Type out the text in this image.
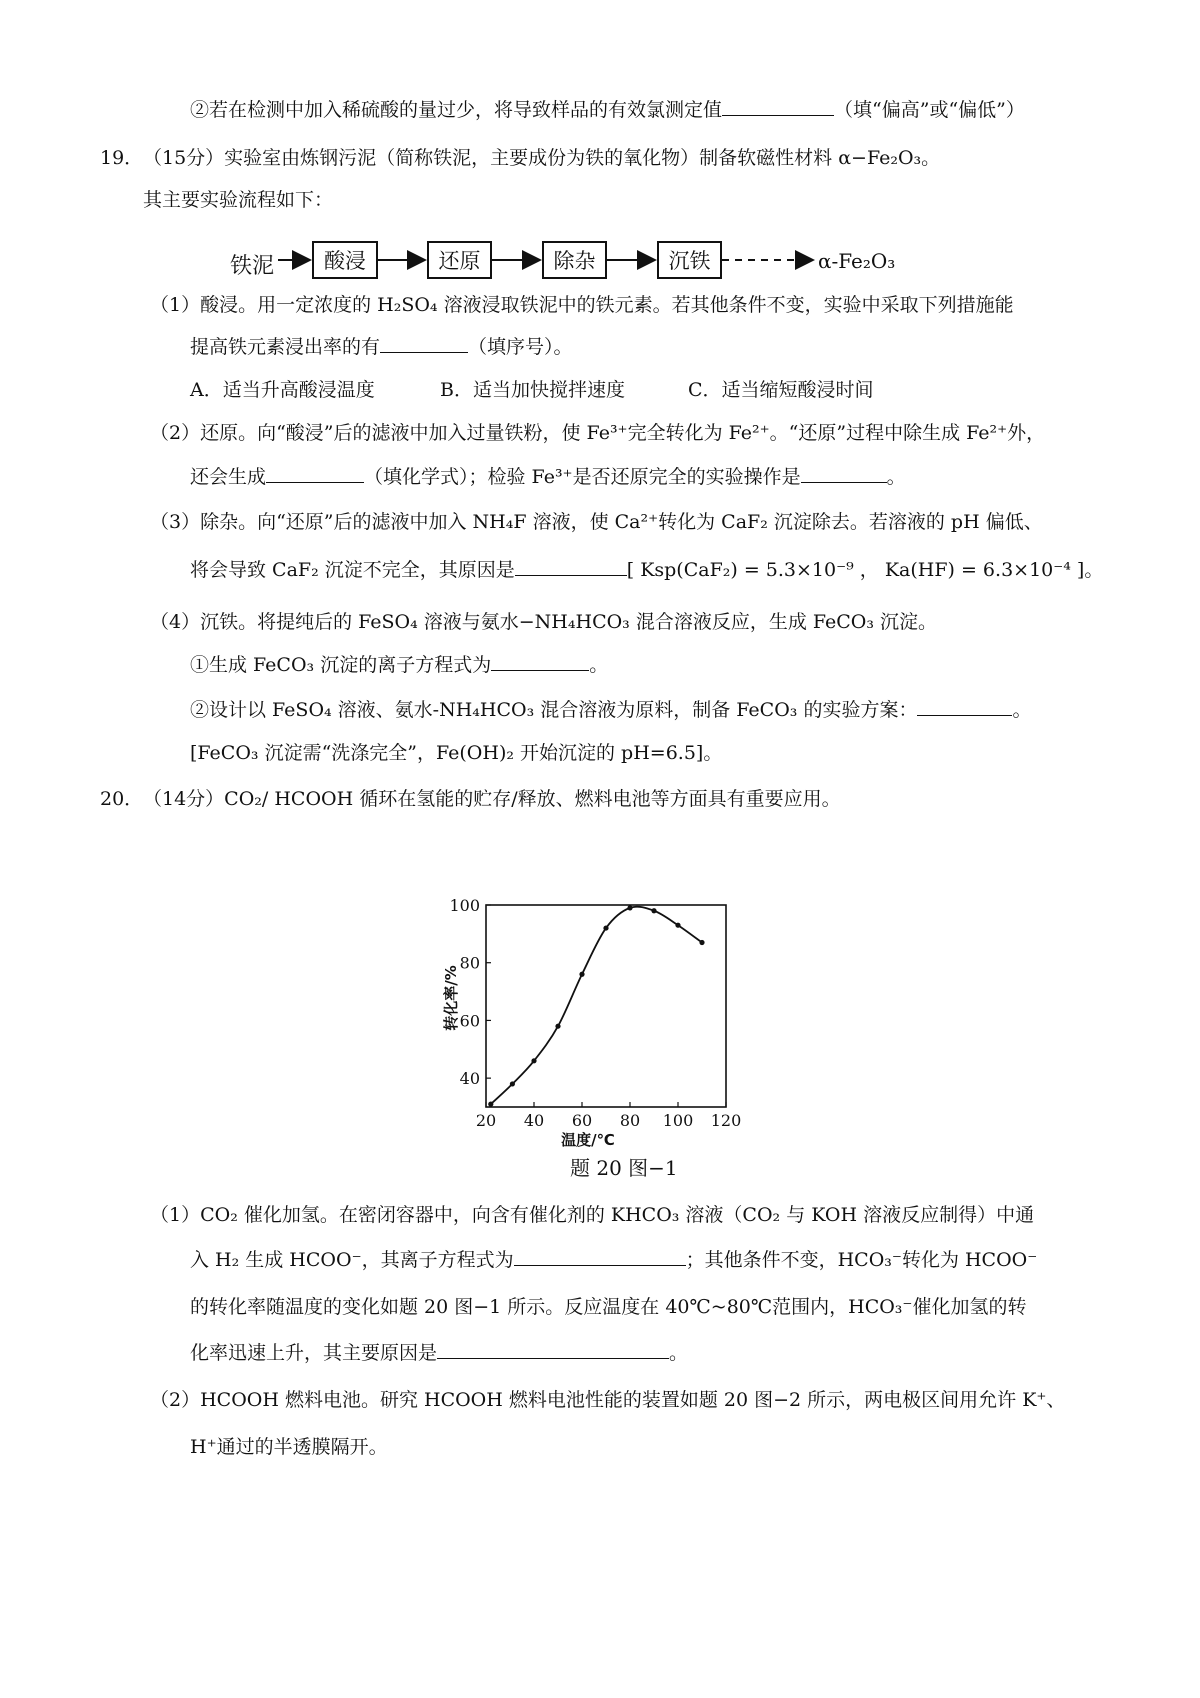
②若在检测中加入稀硫酸的量过少，将导致样品的有效氯测定值	（填“偏高”或“偏低”）
19． （15分）实验室由炼钢污泥（简称铁泥，主要成份为铁的氧化物）制备软磁性材料 α−Fe₂O₃。
其主要实验流程如下：
铁泥	酸浸	还原	除杂	沉铁	α-Fe₂O₃
（1）酸浸。用一定浓度的 H₂SO₄ 溶液浸取铁泥中的铁元素。若其他条件不变，实验中采取下列措施能
提高铁元素浸出率的有	（填序号）。
A．适当升高酸浸温度	B．适当加快搅拌速度	C．适当缩短酸浸时间
（2）还原。向“酸浸”后的滤液中加入过量铁粉，使 Fe³⁺完全转化为 Fe²⁺。“还原”过程中除生成 Fe²⁺外，
还会生成	（填化学式）；检验 Fe³⁺是否还原完全的实验操作是	。
（3）除杂。向“还原”后的滤液中加入 NH₄F 溶液，使 Ca²⁺转化为 CaF₂ 沉淀除去。若溶液的 pH 偏低、
将会导致 CaF₂ 沉淀不完全，其原因是	[ Ksp(CaF₂) = 5.3×10⁻⁹ ， Ka(HF) = 6.3×10⁻⁴ ]。
（4）沉铁。将提纯后的 FeSO₄ 溶液与氨水−NH₄HCO₃ 混合溶液反应，生成 FeCO₃ 沉淀。
①生成 FeCO₃ 沉淀的离子方程式为	。
②设计以 FeSO₄ 溶液、氨水-NH₄HCO₃ 混合溶液为原料，制备 FeCO₃ 的实验方案：	。
[FeCO₃ 沉淀需“洗涤完全”，Fe(OH)₂ 开始沉淀的 pH=6.5]。
20． （14分）CO₂/ HCOOH 循环在氢能的贮存/释放、燃料电池等方面具有重要应用。
20 40 60 80 100 120
40
60
80
100
温度/℃
转化率/%
题 20 图−1
（1）CO₂ 催化加氢。在密闭容器中，向含有催化剂的 KHCO₃ 溶液（CO₂ 与 KOH 溶液反应制得）中通
入 H₂ 生成 HCOO⁻，其离子方程式为	；其他条件不变，HCO₃⁻转化为 HCOO⁻
的转化率随温度的变化如题 20 图−1 所示。反应温度在 40℃~80℃范围内，HCO₃⁻催化加氢的转
化率迅速上升，其主要原因是	。
（2）HCOOH 燃料电池。研究 HCOOH 燃料电池性能的装置如题 20 图−2 所示，两电极区间用允许 K⁺、
H⁺通过的半透膜隔开。
